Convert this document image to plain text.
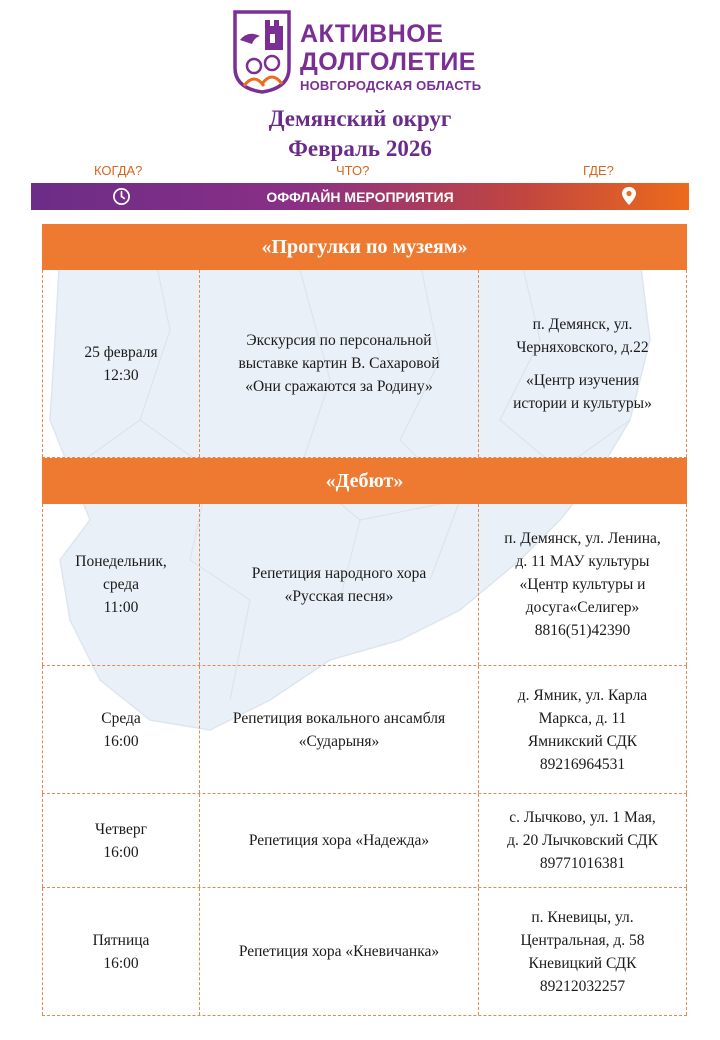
АКТИВНОЕ
ДОЛГОЛЕТИЕ
НОВГОРОДСКАЯ ОБЛАСТЬ
Демянский округ
Февраль 2026
КОГДА?	ЧТО?	ГДЕ?
ОФФЛАЙН МЕРОПРИЯТИЯ
«Прогулки по музеям»
25 февраля
12:30
Экскурсия по персональной
выставке картин В. Сахаровой
«Они сражаются за Родину»
п. Демянск, ул.
Черняховского, д.22
«Центр изучения
истории и культуры»
«Дебют»
Понедельник,
среда
11:00
Репетиция народного хора
«Русская песня»
п. Демянск, ул. Ленина,
д. 11 МАУ культуры
«Центр культуры и
досуга«Селигер»
8816(51)42390
Среда
16:00
Репетиция вокального ансамбля
«Сударыня»
д. Ямник, ул. Карла
Маркса, д. 11
Ямникский СДК
89216964531
Четверг
16:00
Репетиция хора «Надежда»
с. Лычково, ул. 1 Мая,
д. 20 Лычковский СДК
89771016381
Пятница
16:00
Репетиция хора «Кневичанка»
п. Кневицы, ул.
Центральная, д. 58
Кневицкий СДК
89212032257
